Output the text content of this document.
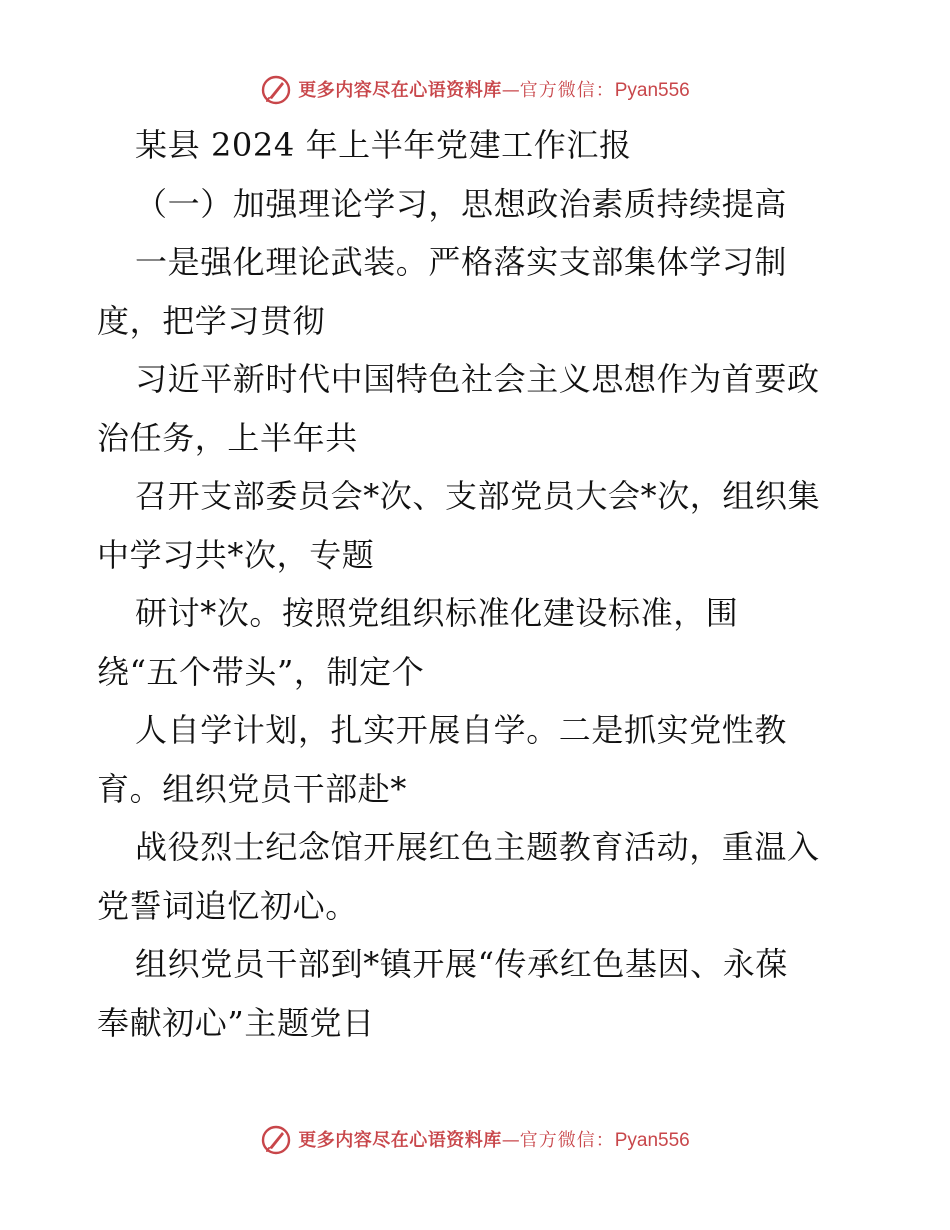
更多内容尽在心语资料库 — 官方微信： Pyan556
某县 2024 年上半年党建工作汇报
（一）加强理论学习，思想政治素质持续提高
一是强化理论武装。严格落实支部集体学习制
度，把学习贯彻
习近平新时代中国特色社会主义思想作为首要政
治任务，上半年共
召开支部委员会*次、支部党员大会*次，组织集
中学习共*次，专题
研讨*次。按照党组织标准化建设标准，围
绕“五个带头”，制定个
人自学计划，扎实开展自学。二是抓实党性教
育。组织党员干部赴*
战役烈士纪念馆开展红色主题教育活动，重温入
党誓词追忆初心。
组织党员干部到*镇开展“传承红色基因、永葆
奉献初心”主题党日
更多内容尽在心语资料库 — 官方微信： Pyan556
